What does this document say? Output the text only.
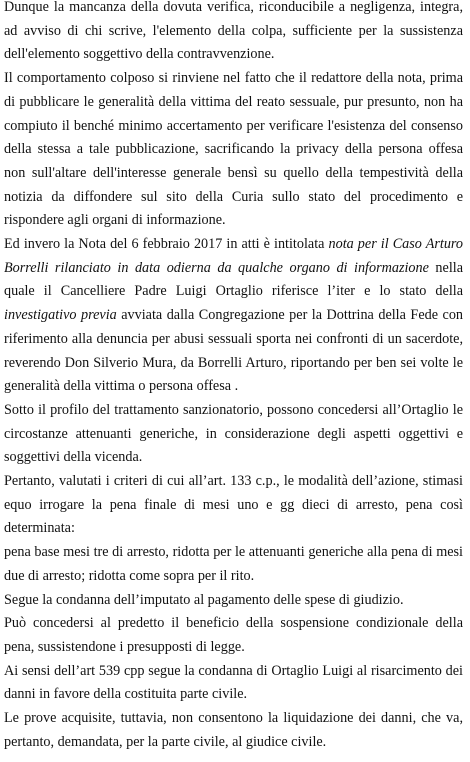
Dunque la mancanza della dovuta verifica, riconducibile a negligenza, integra, ad avviso di chi scrive, l'elemento della colpa, sufficiente per la sussistenza dell'elemento soggettivo della contravvenzione.

Il comportamento colposo si rinviene nel fatto che il redattore della nota, prima di pubblicare le generalità della vittima del reato sessuale, pur presunto, non ha compiuto il benché minimo accertamento per verificare l'esistenza del consenso della stessa a tale pubblicazione, sacrificando la privacy della persona offesa non sull'altare dell'interesse generale bensì su quello della tempestività della notizia da diffondere sul sito della Curia sullo stato del procedimento e rispondere agli organi di informazione.

Ed invero la Nota del 6 febbraio 2017 in atti è intitolata nota per il Caso Arturo Borrelli rilanciato in data odierna da qualche organo di informazione nella quale il Cancelliere Padre Luigi Ortaglio riferisce l’iter e lo stato della investigativo previa avviata dalla Congregazione per la Dottrina della Fede con riferimento alla denuncia per abusi sessuali sporta nei confronti di un sacerdote, reverendo Don Silverio Mura, da Borrelli Arturo, riportando per ben sei volte le generalità della vittima o persona offesa .

Sotto il profilo del trattamento sanzionatorio, possono concedersi all’Ortaglio le circostanze attenuanti generiche, in considerazione degli aspetti oggettivi e soggettivi della vicenda.

Pertanto, valutati i criteri di cui all’art. 133 c.p., le modalità dell’azione, stimasi equo irrogare la pena finale di mesi uno e gg dieci di arresto, pena così determinata:

pena base mesi tre di arresto, ridotta per le attenuanti generiche alla pena di mesi due di arresto; ridotta come sopra per il rito.

Segue la condanna dell’imputato al pagamento delle spese di giudizio.

Può concedersi al predetto il beneficio della sospensione condizionale della pena, sussistendone i presupposti di legge.

Ai sensi dell’art 539 cpp segue la condanna di Ortaglio Luigi al risarcimento dei danni in favore della costituita parte civile.

Le prove acquisite, tuttavia, non consentono la liquidazione dei danni, che va, pertanto, demandata, per la parte civile, al giudice civile.
